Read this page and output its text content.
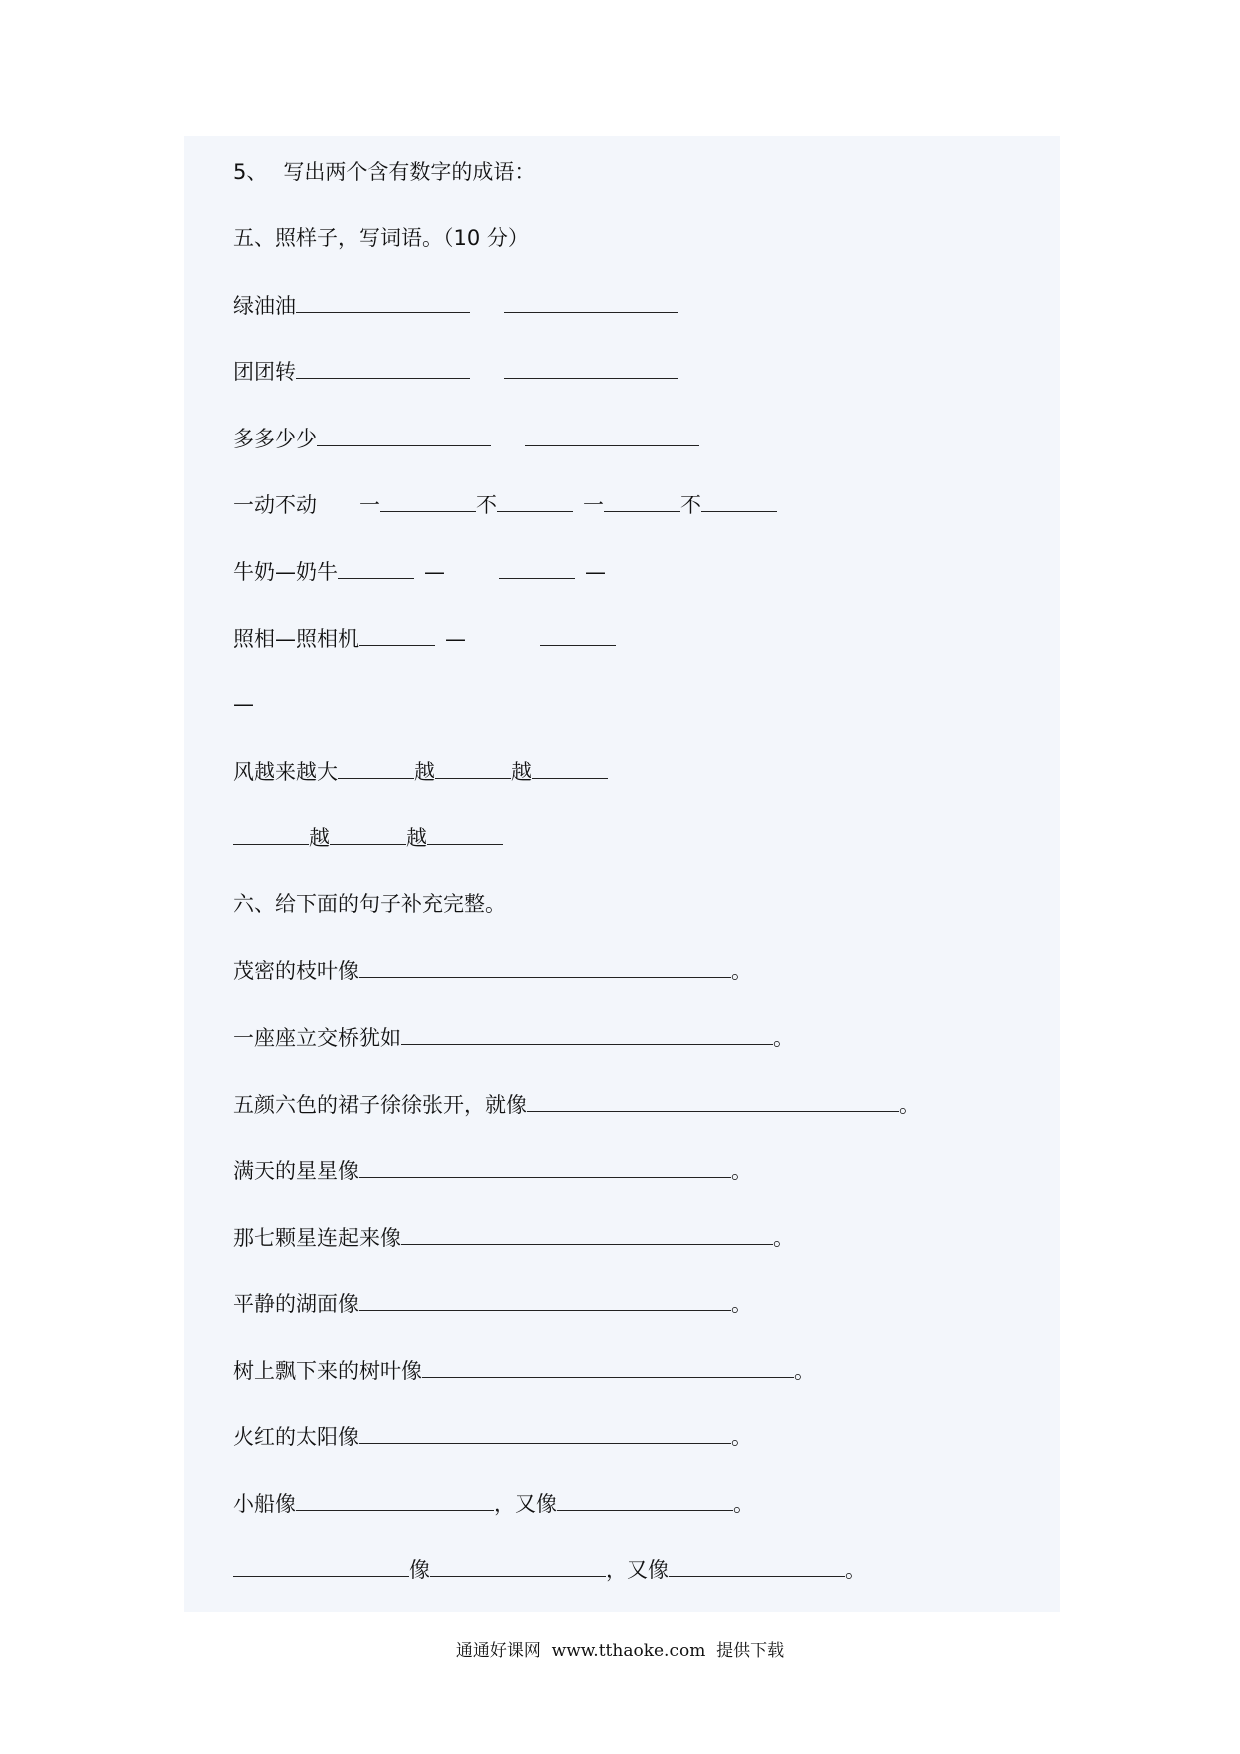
5、 写出两个含有数字的成语：
五、照样子，写词语。（10 分）
绿油油
团团转
多多少少
一动不动 一	不	一	不
牛奶—奶牛	—	—
照相—照相机	—
—
风越来越大	越	越
越	越
六、给下面的句子补充完整。
茂密的枝叶像	。
一座座立交桥犹如	。
五颜六色的裙子徐徐张开，就像	。
满天的星星像	。
那七颗星连起来像	。
平静的湖面像	。
树上飘下来的树叶像	。
火红的太阳像	。
小船像	，又像	。
像	，又像	。
通通好课网  www.tthaoke.com  提供下载
